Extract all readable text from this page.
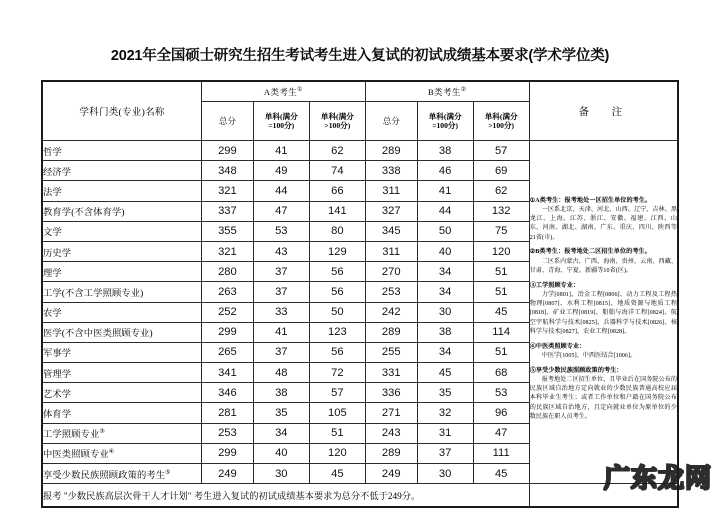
2021年全国硕士研究生招生考试考生进入复试的初试成绩基本要求(学术学位类)
学科门类(专业)名称	A类考生①			B类考生②			备　注
	总分	单科(满分
=100分)	单科(满分
>100分)	总分	单科(满分
=100分)	单科(满分
>100分)	

哲学	299	41	62	289	38	57	
①A类考生：报考地处一区招生单位的考生。
一区系北京、天津、河北、山西、辽宁、吉林、黑龙江、上海、江苏、浙江、安徽、福建、江西、山东、河南、湖北、湖南、广东、重庆、四川、陕西等21省(市)。
②B类考生：报考地处二区招生单位的考生。
二区系内蒙古、广西、海南、贵州、云南、西藏、甘肃、青海、宁夏、新疆等10省(区)。
③工学照顾专业：
力学[0801]、冶金工程[0806]、动力工程及工程热物理[0807]、水利工程[0815]、地质资源与地质工程[0818]、矿业工程[0819]、船舶与海洋工程[0824]、航空宇航科学与技术[0825]、兵器科学与技术[0826]、核科学与技术[0827]、农业工程[0828]。
④中医类照顾专业：
中医学[1005]、中西医结合[1006]。
⑤享受少数民族照顾政策的考生：
报考地处二区招生单位，且毕业后在国务院公布的民族区域自治地方定向就业的少数民族普通高校应届本科毕业生考生；或者工作单位和户籍在国务院公布的民族区域自治地方，且定向就业单位为原单位的少数民族在职人员考生。

经济学	348	49	74	338	46	69	
法学	321	44	66	311	41	62	
教育学(不含体育学)	337	47	141	327	44	132	
文学	355	53	80	345	50	75	
历史学	321	43	129	311	40	120	
理学	280	37	56	270	34	51	
工学(不含工学照顾专业)	263	37	56	253	34	51	
农学	252	33	50	242	30	45	
医学(不含中医类照顾专业)	299	41	123	289	38	114	
军事学	265	37	56	255	34	51	
管理学	341	48	72	331	45	68	
艺术学	346	38	57	336	35	53	
体育学	281	35	105	271	32	96	
工学照顾专业③	253	34	51	243	31	47	
中医类照顾专业④	299	40	120	289	37	111	
享受少数民族照顾政策的考生⑤	249	30	45	249	30	45	
报考 "少数民族高层次骨干人才计划" 考生进入复试的初试成绩基本要求为总分不低于249分。							
广东龙网
